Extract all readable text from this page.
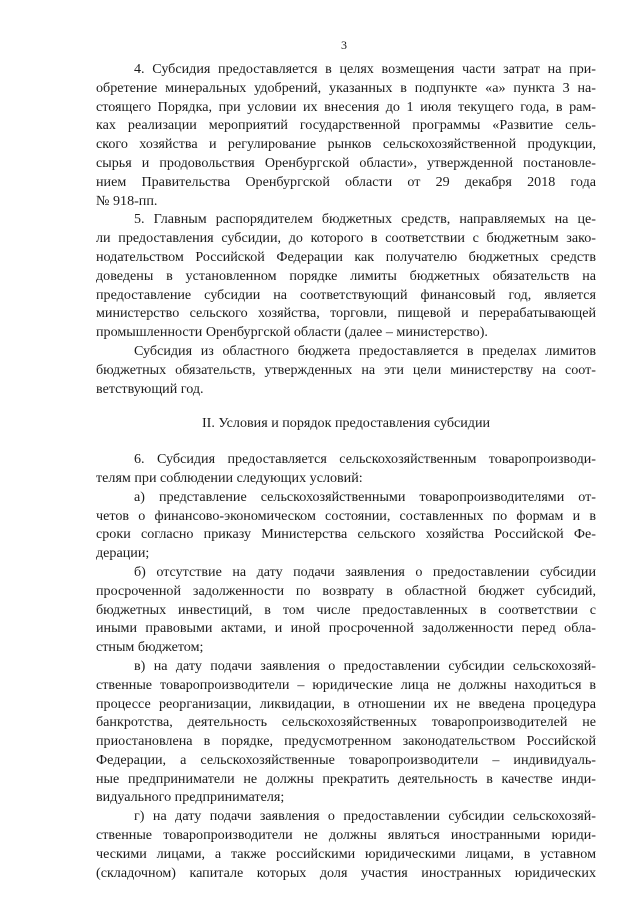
3
4. Субсидия предоставляется в целях возмещения части затрат на при-
обретение минеральных удобрений, указанных в подпункте «а» пункта 3 на-
стоящего Порядка, при условии их внесения до 1 июля текущего года, в рам-
ках реализации мероприятий государственной программы «Развитие сель-
ского хозяйства и регулирование рынков сельскохозяйственной продукции,
сырья и продовольствия Оренбургской области», утвержденной постановле-
нием Правительства Оренбургской области от 29 декабря 2018 года
№ 918-пп.
5. Главным распорядителем бюджетных средств, направляемых на це-
ли предоставления субсидии, до которого в соответствии с бюджетным зако-
нодательством Российской Федерации как получателю бюджетных средств
доведены в установленном порядке лимиты бюджетных обязательств на
предоставление субсидии на соответствующий финансовый год, является
министерство сельского хозяйства, торговли, пищевой и перерабатывающей
промышленности Оренбургской области (далее – министерство).
Субсидия из областного бюджета предоставляется в пределах лимитов
бюджетных обязательств, утвержденных на эти цели министерству на соот-
ветствующий год.
II. Условия и порядок предоставления субсидии
6. Субсидия предоставляется сельскохозяйственным товаропроизводи-
телям при соблюдении следующих условий:
а) представление сельскохозяйственными товаропроизводителями от-
четов о финансово-экономическом состоянии, составленных по формам и в
сроки согласно приказу Министерства сельского хозяйства Российской Фе-
дерации;
б) отсутствие на дату подачи заявления о предоставлении субсидии
просроченной задолженности по возврату в областной бюджет субсидий,
бюджетных инвестиций, в том числе предоставленных в соответствии с
иными правовыми актами, и иной просроченной задолженности перед обла-
стным бюджетом;
в) на дату подачи заявления о предоставлении субсидии сельскохозяй-
ственные товаропроизводители – юридические лица не должны находиться в
процессе реорганизации, ликвидации, в отношении их не введена процедура
банкротства, деятельность сельскохозяйственных товаропроизводителей не
приостановлена в порядке, предусмотренном законодательством Российской
Федерации, а сельскохозяйственные товаропроизводители – индивидуаль-
ные предприниматели не должны прекратить деятельность в качестве инди-
видуального предпринимателя;
г) на дату подачи заявления о предоставлении субсидии сельскохозяй-
ственные товаропроизводители не должны являться иностранными юриди-
ческими лицами, а также российскими юридическими лицами, в уставном
(складочном) капитале которых доля участия иностранных юридических
